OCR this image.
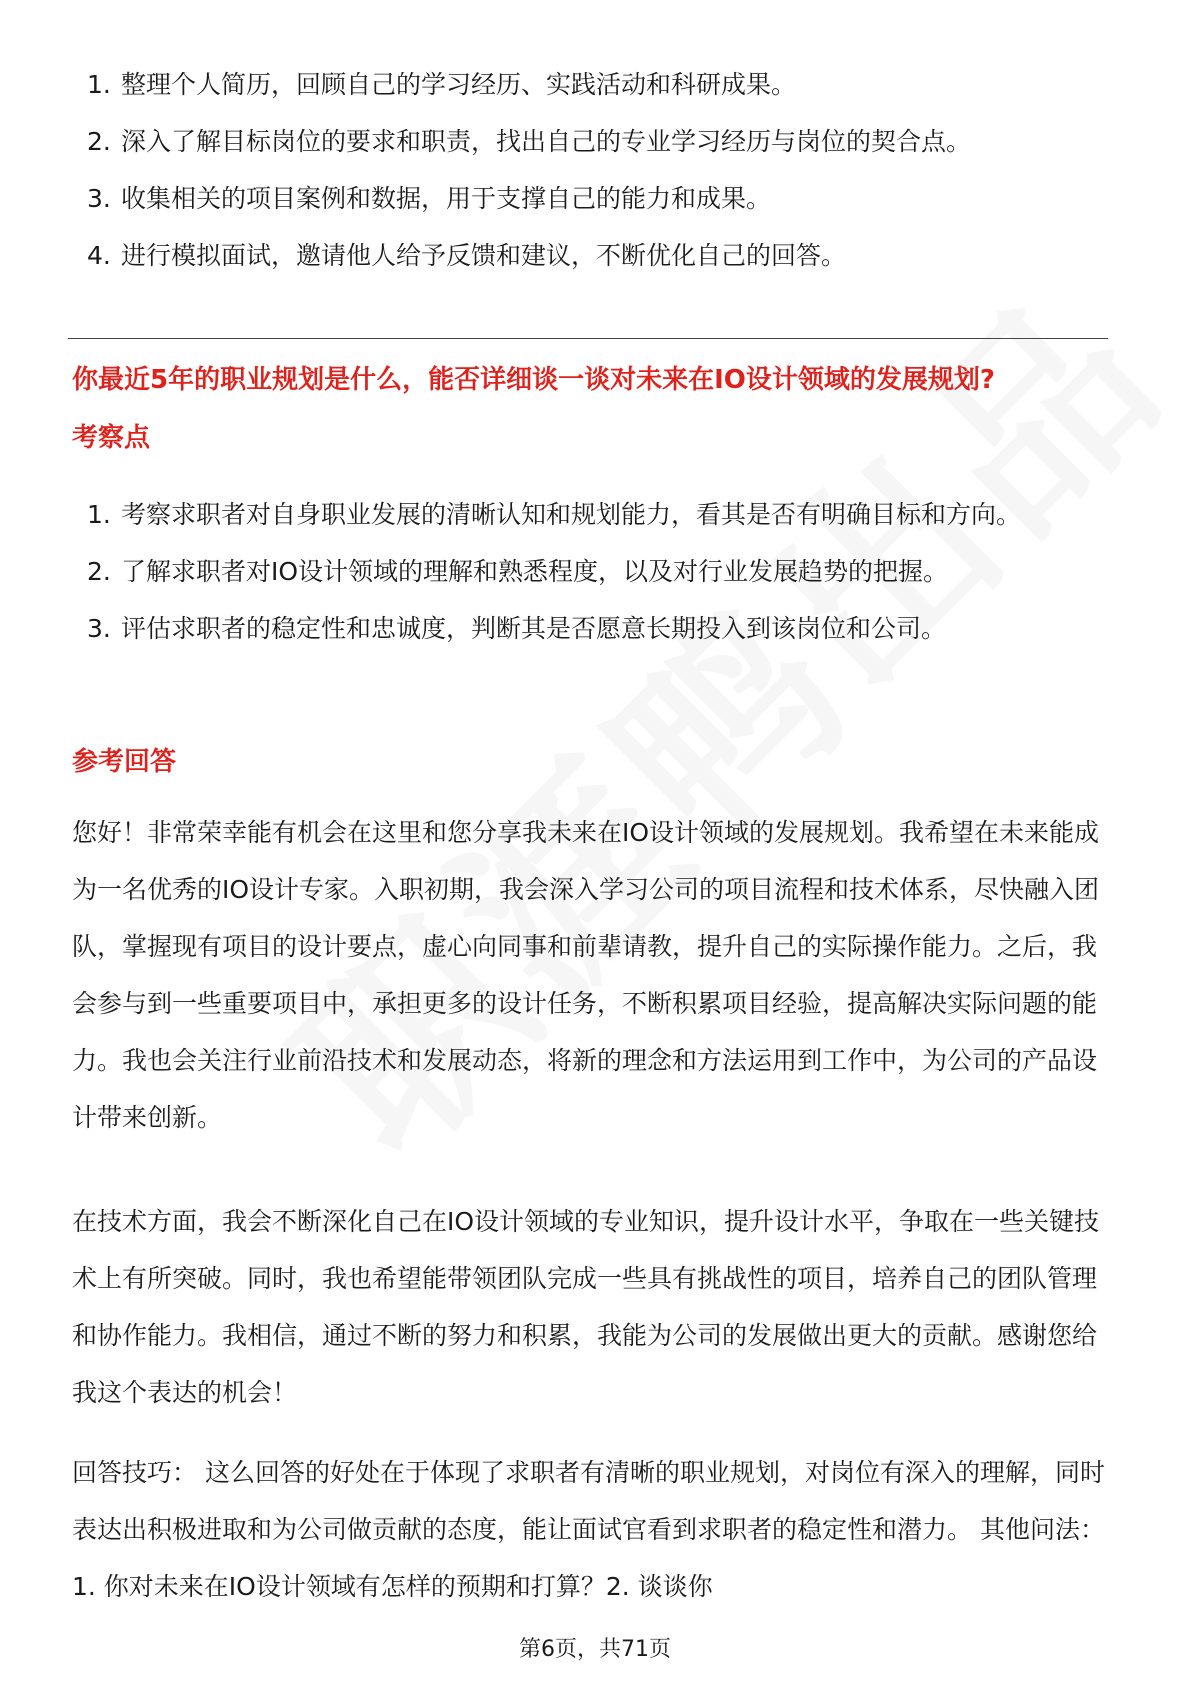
1. 整理个人简历，回顾自己的学习经历、实践活动和科研成果。
2. 深入了解目标岗位的要求和职责，找出自己的专业学习经历与岗位的契合点。
3. 收集相关的项目案例和数据，用于支撑自己的能力和成果。
4. 进行模拟面试，邀请他人给予反馈和建议，不断优化自己的回答。
你最近5年的职业规划是什么，能否详细谈一谈对未来在IO设计领域的发展规划?
考察点
1. 考察求职者对自身职业发展的清晰认知和规划能力，看其是否有明确目标和方向。
2. 了解求职者对IO设计领域的理解和熟悉程度，以及对行业发展趋势的把握。
3. 评估求职者的稳定性和忠诚度，判断其是否愿意长期投入到该岗位和公司。
参考回答

您好！非常荣幸能有机会在这里和您分享我未来在IO设计领域的发展规划。我希望在未来能成为一名优秀的IO设计专家。入职初期，我会深入学习公司的项目流程和技术体系，尽快融入团队，掌握现有项目的设计要点，虚心向同事和前辈请教，提升自己的实际操作能力。之后，我会参与到一些重要项目中，承担更多的设计任务，不断积累项目经验，提高解决实际问题的能力。我也会关注行业前沿技术和发展动态，将新的理念和方法运用到工作中，为公司的产品设计带来创新。

在技术方面，我会不断深化自己在IO设计领域的专业知识，提升设计水平，争取在一些关键技术上有所突破。同时，我也希望能带领团队完成一些具有挑战性的项目，培养自己的团队管理和协作能力。我相信，通过不断的努力和积累，我能为公司的发展做出更大的贡献。感谢您给我这个表达的机会！

回答技巧： 这么回答的好处在于体现了求职者有清晰的职业规划，对岗位有深入的理解，同时表达出积极进取和为公司做贡献的态度，能让面试官看到求职者的稳定性和潜力。 其他问法：1. 你对未来在IO设计领域有怎样的预期和打算？2. 谈谈你

第6页，共71页
